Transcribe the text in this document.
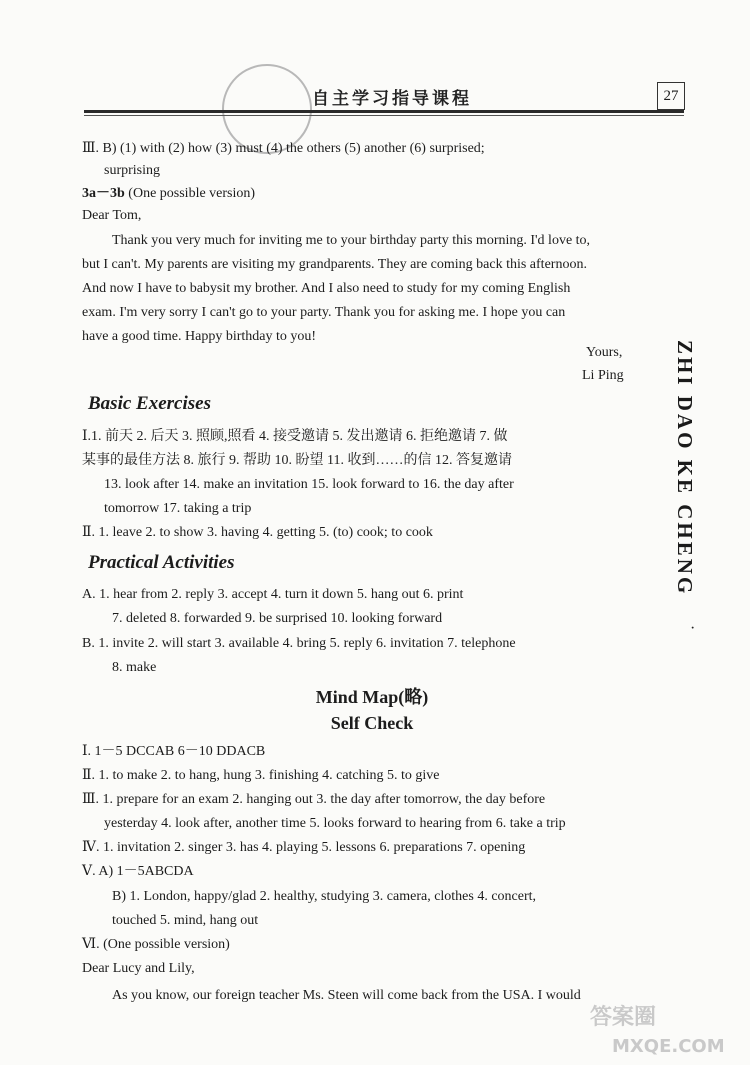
自主学习指导课程	27
ZHI DAO KE CHENG
·
Ⅲ. B) (1) with (2) how (3) must (4) the others (5) another (6) surprised;
surprising
3a－3b (One possible version)
Dear Tom,
Thank you very much for inviting me to your birthday party this morning. I'd love to,
but I can't. My parents are visiting my grandparents. They are coming back this afternoon.
And now I have to babysit my brother. And I also need to study for my coming English
exam. I'm very sorry I can't go to your party. Thank you for asking me. I hope you can
have a good time. Happy birthday to you!
Yours,
Li Ping
Basic Exercises
Ⅰ.1. 前天 2. 后天 3. 照顾,照看 4. 接受邀请 5. 发出邀请 6. 拒绝邀请 7. 做
某事的最佳方法 8. 旅行 9. 帮助 10. 盼望 11. 收到……的信 12. 答复邀请
13. look after 14. make an invitation 15. look forward to 16. the day after
tomorrow 17. taking a trip
Ⅱ. 1. leave 2. to show 3. having 4. getting 5. (to) cook; to cook
Practical Activities
A. 1. hear from 2. reply 3. accept 4. turn it down 5. hang out 6. print
7. deleted 8. forwarded 9. be surprised 10. looking forward
B. 1. invite 2. will start 3. available 4. bring 5. reply 6. invitation 7. telephone
8. make
Mind Map(略)
Self Check
Ⅰ. 1－5 DCCAB 6－10 DDACB
Ⅱ. 1. to make 2. to hang, hung 3. finishing 4. catching 5. to give
Ⅲ. 1. prepare for an exam 2. hanging out 3. the day after tomorrow, the day before
yesterday 4. look after, another time 5. looks forward to hearing from 6. take a trip
Ⅳ. 1. invitation 2. singer 3. has 4. playing 5. lessons 6. preparations 7. opening
Ⅴ. A) 1－5ABCDA
B) 1. London, happy/glad 2. healthy, studying 3. camera, clothes 4. concert,
touched 5. mind, hang out
Ⅵ. (One possible version)
Dear Lucy and Lily,
As you know, our foreign teacher Ms. Steen will come back from the USA. I would
答案圈
MXQE.COM
